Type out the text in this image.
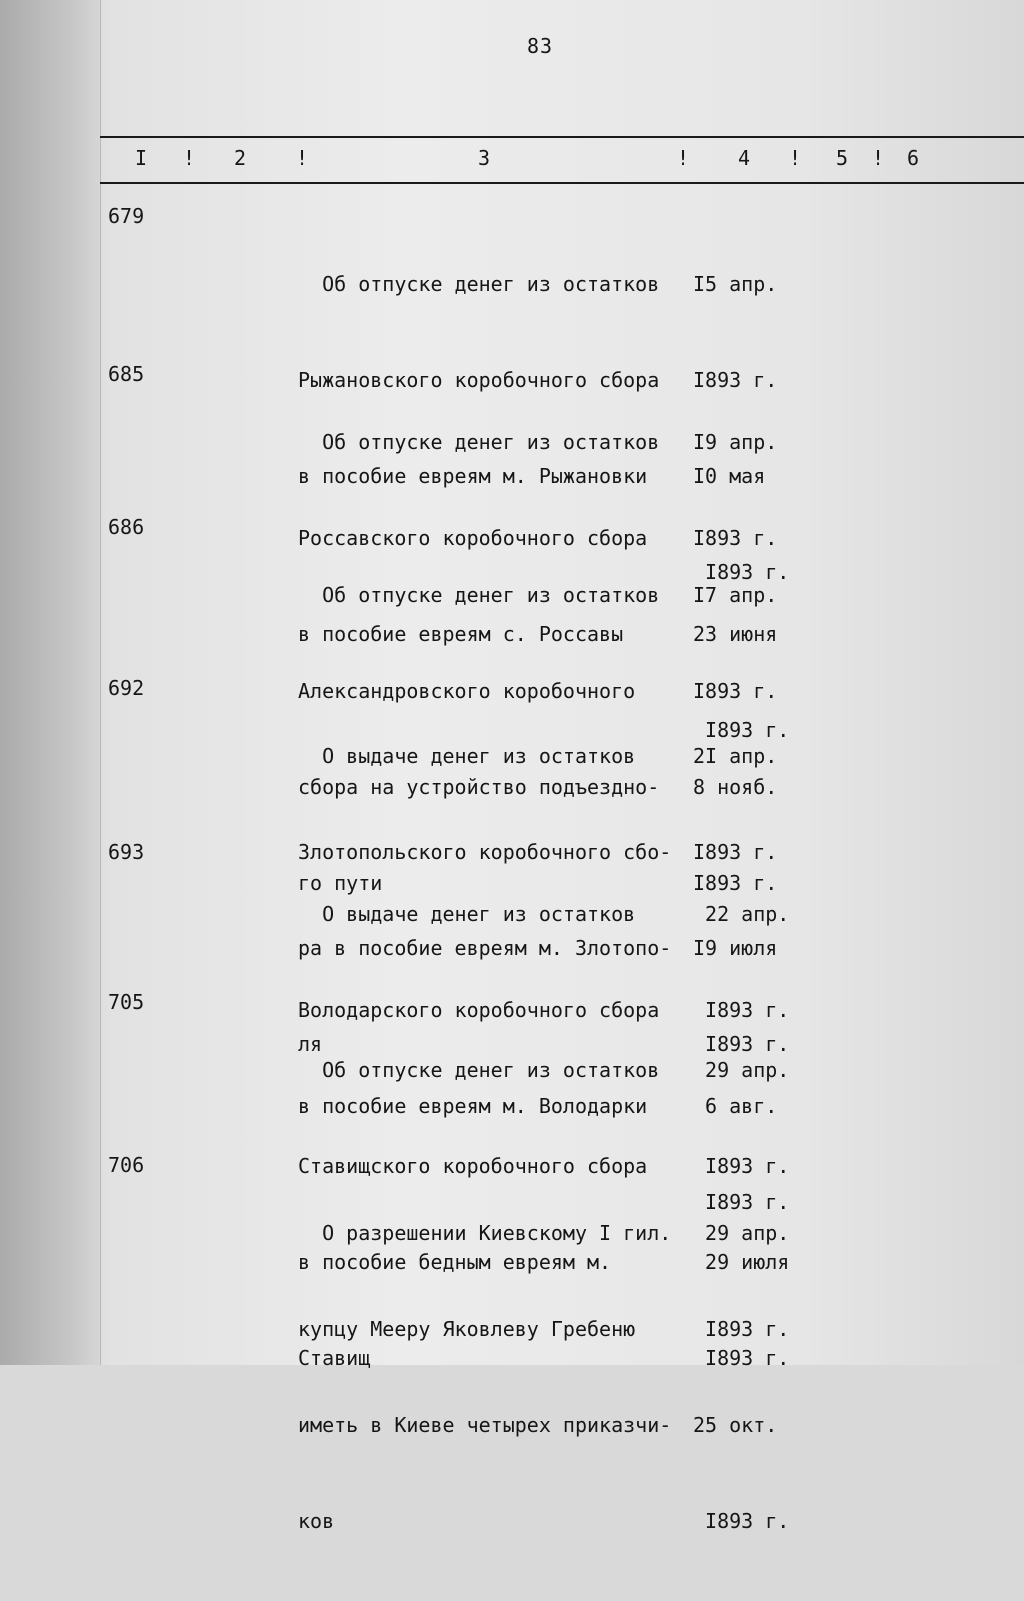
83
I ! 2 !	3	! 4 ! 5 ! 6
679

Об отпуске денег из остатков

Рыжановского коробочного сбора

в пособие евреям м. Рыжановки

I5 апр.

I893 г.

I0 мая

I893 г.

685

Об отпуске денег из остатков

Россавского коробочного сбора

в пособие евреям с. Россавы

I9 апр.

I893 г.

23 июня

I893 г.

686

Об отпуске денег из остатков

Александровского коробочного

сбора на устройство подъездно-

го пути

I7 апр.

I893 г.

8 нояб.

I893 г.

692

О выдаче денег из остатков

Злотопольского коробочного сбо-

ра в пособие евреям м. Злотопо-

ля

2I апр.

I893 г.

I9 июля

I893 г.

693

О выдаче денег из остатков

Володарского коробочного сбора

в пособие евреям м. Володарки

22 апр.

I893 г.

6 авг.

I893 г.

705

Об отпуске денег из остатков

Ставищского коробочного сбора

в пособие бедным евреям м.

Ставищ

29 апр.

I893 г.

29 июля

I893 г.

706

О разрешении Киевскому I гил.

купцу Мееру Яковлеву Гребеню

иметь в Киеве четырех приказчи-

ков

29 апр.

I893 г.

25 окт.

I893 г.
